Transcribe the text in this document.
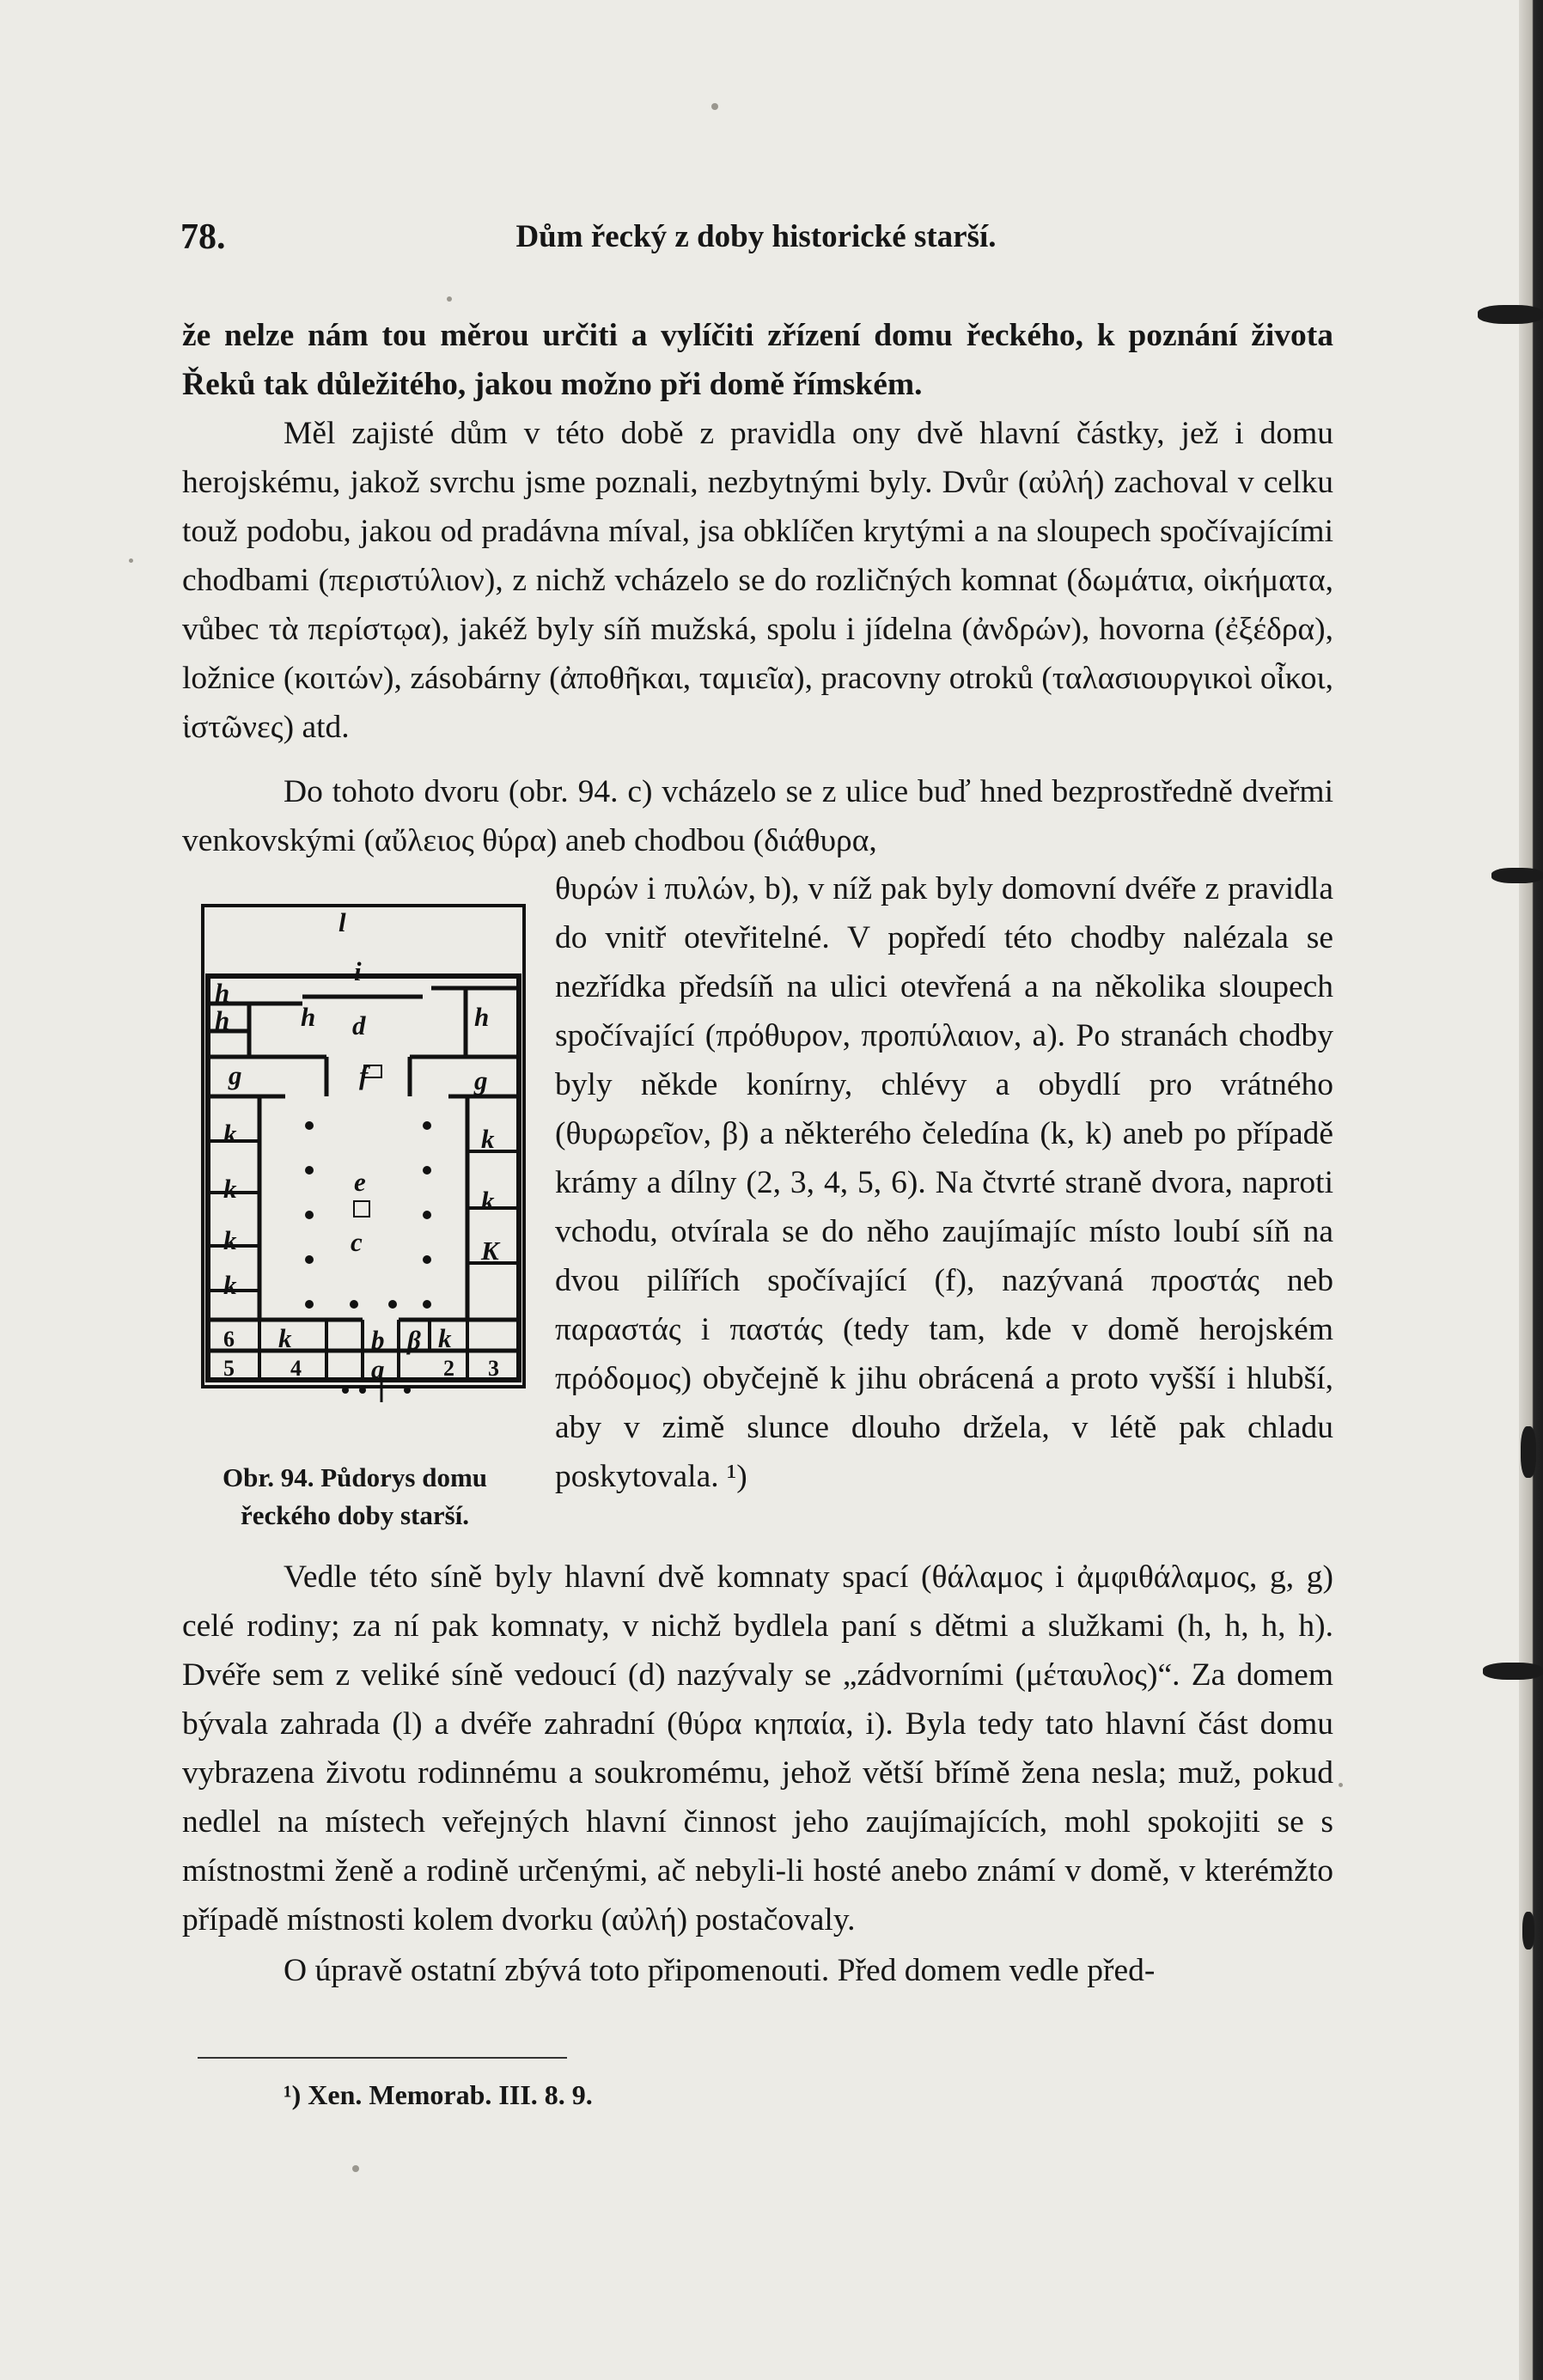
78.	Dům řecký z doby historické starší.

že nelze nám tou měrou určiti a vylíčiti zřízení domu řeckého, k poznání života Řeků tak důležitého, jakou možno při domě římském.

Měl zajisté dům v této době z pravidla ony dvě hlavní částky, jež i domu herojskému, jakož svrchu jsme poznali, nezbytnými byly. Dvůr (αὐλή) zachoval v celku touž podobu, jakou od pradávna míval, jsa obklíčen krytými a na sloupech spočívajícími chodbami (περιστύλιον), z nichž vcházelo se do rozličných komnat (δωμάτια, οἰκήματα, vůbec τὰ περίστῳα), jakéž byly síň mužská, spolu i jídelna (ἀνδρών), hovorna (ἐξέδρα), ložnice (κοιτών), zásobárny (ἀποθῆκαι, ταμιεῖα), pracovny otroků (ταλασιουργικοὶ οἶκοι, ἱστῶνες) atd.

Do tohoto dvoru (obr. 94. c) vcházelo se z ulice buď hned bezprostředně dveřmi venkovskými (αὔλειος θύρα) aneb chodbou (διάθυρα,

θυρών i πυλών, b), v níž pak byly domovní dvéře z pravidla do vnitř otevřitelné. V popředí této chodby nalézala se nezřídka předsíň na ulici otevřená a na několika sloupech spočívající (πρόθυρον, προπύλαιον, a). Po stranách chodby byly někde konírny, chlévy a obydlí pro vrátného (θυρωρεῖον, β) a některého čeledína (k, k) aneb po případě krámy a dílny (2, 3, 4, 5, 6). Na čtvrté straně dvora, naproti vchodu, otvírala se do něho zaujímajíc místo loubí síň na dvou pilířích spočívající (f), nazývaná προστάς neb παραστάς i παστάς (tedy tam, kde v domě herojském πρόδομος) obyčejně k jihu obrácená a proto vyšší i hlubší, aby v zimě slunce dlouho držela, v létě pak chladu poskytovala. ¹)

l
i
d
h
h	h	h
g	g
f
e
c
k
k
k
k
k
k
K
k	k
b β
a
6
5	4	2 3

Obr. 94. Půdorys domu řeckého doby starší.

Vedle této síně byly hlavní dvě komnaty spací (θάλαμος i ἀμφιθάλαμος, g, g) celé rodiny; za ní pak komnaty, v nichž bydlela paní s dětmi a služkami (h, h, h, h). Dvéře sem z veliké síně vedoucí (d) nazývaly se „zádvorními (μέταυλος)“. Za domem bývala zahrada (l) a dvéře zahradní (θύρα κηπαία, i). Byla tedy tato hlavní část domu vybrazena životu rodinnému a soukromému, jehož větší břímě žena nesla; muž, pokud nedlel na místech veřejných hlavní činnost jeho zaujímajících, mohl spokojiti se s místnostmi ženě a rodině určenými, ač nebyli-li hosté anebo známí v domě, v kterémžto případě místnosti kolem dvorku (αὐλή) postačovaly.

O úpravě ostatní zbývá toto připomenouti. Před domem vedle před-

¹) Xen. Memorab. III. 8. 9.
